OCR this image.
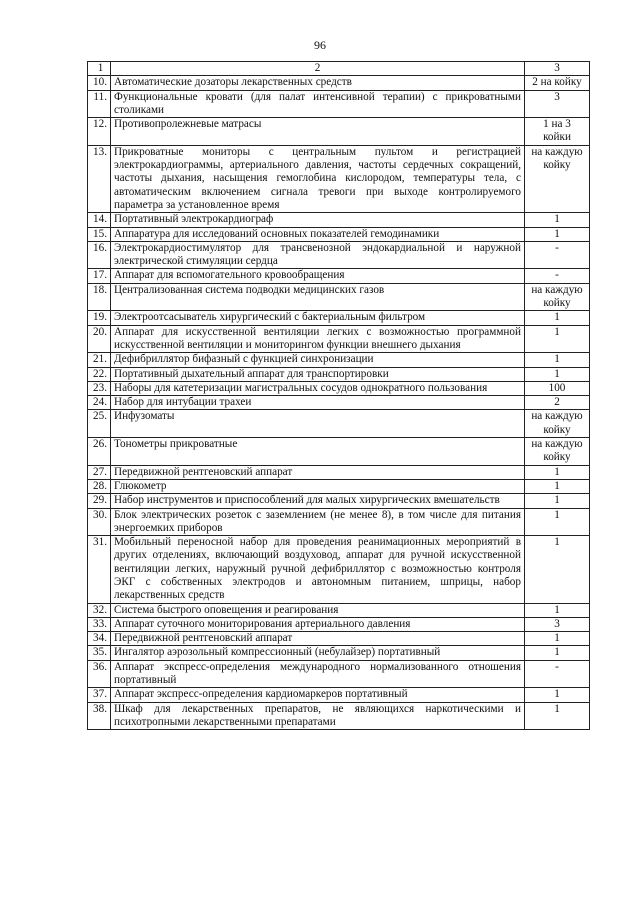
96
1	2	3
10.	Автоматические дозаторы лекарственных средств	2 на койку
11.	Функциональные кровати (для палат интенсивной терапии) с прикроватными столиками	3
12.	Противопролежневые матрасы	1 на 3 койки
13.	Прикроватные мониторы с центральным пультом и регистрацией электрокардиограммы, артериального давления, частоты сердечных сокращений, частоты дыхания, насыщения гемоглобина кислородом, температуры тела, с автоматическим включением сигнала тревоги при выходе контролируемого параметра за установленное время	на каждую койку
14.	Портативный электрокардиограф	1
15.	Аппаратура для исследований основных показателей гемодинамики	1
16.	Электрокардиостимулятор для трансвенозной эндокардиальной и наружной электрической стимуляции сердца	-
17.	Аппарат для вспомогательного кровообращения	-
18.	Централизованная система подводки медицинских газов	на каждую койку
19.	Электроотсасыватель хирургический с бактериальным фильтром	1
20.	Аппарат для искусственной вентиляции легких с возможностью программной искусственной вентиляции и мониторингом функции внешнего дыхания	1
21.	Дефибриллятор бифазный с функцией синхронизации	1
22.	Портативный дыхательный аппарат для транспортировки	1
23.	Наборы для катетеризации магистральных сосудов однократного пользования	100
24.	Набор для интубации трахеи	2
25.	Инфузоматы	на каждую койку
26.	Тонометры прикроватные	на каждую койку
27.	Передвижной рентгеновский аппарат	1
28.	Глюкометр	1
29.	Набор инструментов и приспособлений для малых хирургических вмешательств	1
30.	Блок электрических розеток с заземлением (не менее 8), в том числе для питания энергоемких приборов	1
31.	Мобильный переносной набор для проведения реанимационных мероприятий в других отделениях, включающий воздуховод, аппарат для ручной искусственной вентиляции легких, наружный ручной дефибриллятор с возможностью контроля ЭКГ с собственных электродов и автономным питанием, шприцы, набор лекарственных средств	1
32.	Система быстрого оповещения и реагирования	1
33.	Аппарат суточного мониторирования артериального давления	3
34.	Передвижной рентгеновский аппарат	1
35.	Ингалятор аэрозольный компрессионный (небулайзер) портативный	1
36.	Аппарат экспресс-определения международного нормализованного отношения портативный	-
37.	Аппарат экспресс-определения кардиомаркеров портативный	1
38.	Шкаф для лекарственных препаратов, не являющихся наркотическими и психотропными лекарственными препаратами	1
